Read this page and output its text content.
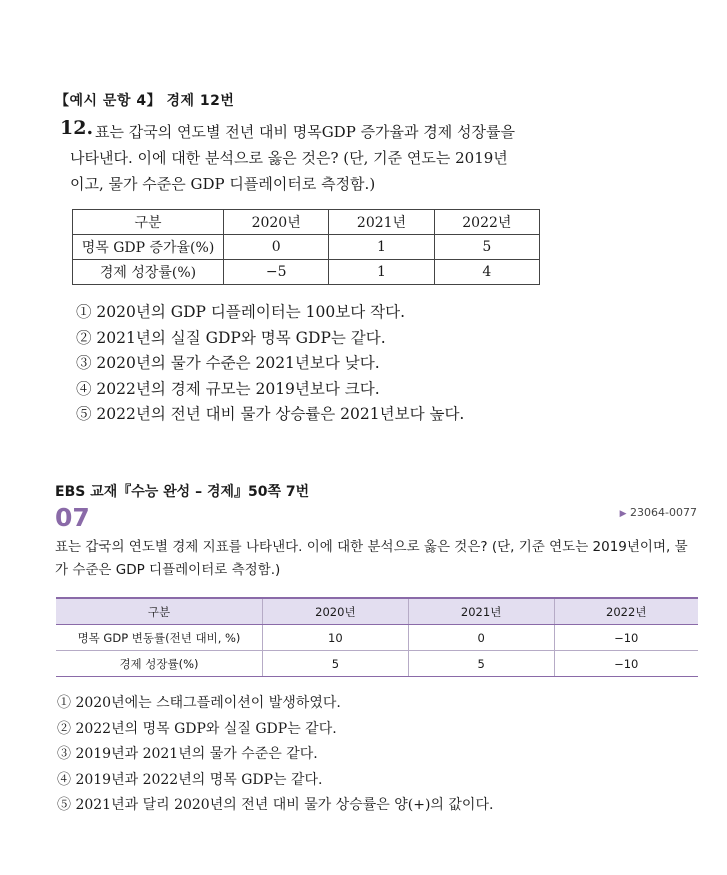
【예시 문항 4】 경제 12번
12. 표는 갑국의 연도별 전년 대비 명목GDP 증가율과 경제 성장률을
나타낸다. 이에 대한 분석으로 옳은 것은? (단, 기준 연도는 2019년
이고, 물가 수준은 GDP 디플레이터로 측정함.)
구분	2020년	2021년	2022년
명목 GDP 증가율(%)	0	1	5
경제 성장률(%)	−5	1	4
① 2020년의 GDP 디플레이터는 100보다 작다.
② 2021년의 실질 GDP와 명목 GDP는 같다.
③ 2020년의 물가 수준은 2021년보다 낮다.
④ 2022년의 경제 규모는 2019년보다 크다.
⑤ 2022년의 전년 대비 물가 상승률은 2021년보다 높다.
EBS 교재『수능 완성 – 경제』50쪽 7번
07	▶ 23064-0077
표는 갑국의 연도별 경제 지표를 나타낸다. 이에 대한 분석으로 옳은 것은? (단, 기준 연도는 2019년이며, 물
가 수준은 GDP 디플레이터로 측정함.)
구분	2020년	2021년	2022년
명목 GDP 변동률(전년 대비, %)	10	0	−10
경제 성장률(%)	5	5	−10
① 2020년에는 스태그플레이션이 발생하였다.
② 2022년의 명목 GDP와 실질 GDP는 같다.
③ 2019년과 2021년의 물가 수준은 같다.
④ 2019년과 2022년의 명목 GDP는 같다.
⑤ 2021년과 달리 2020년의 전년 대비 물가 상승률은 양(+)의 값이다.
